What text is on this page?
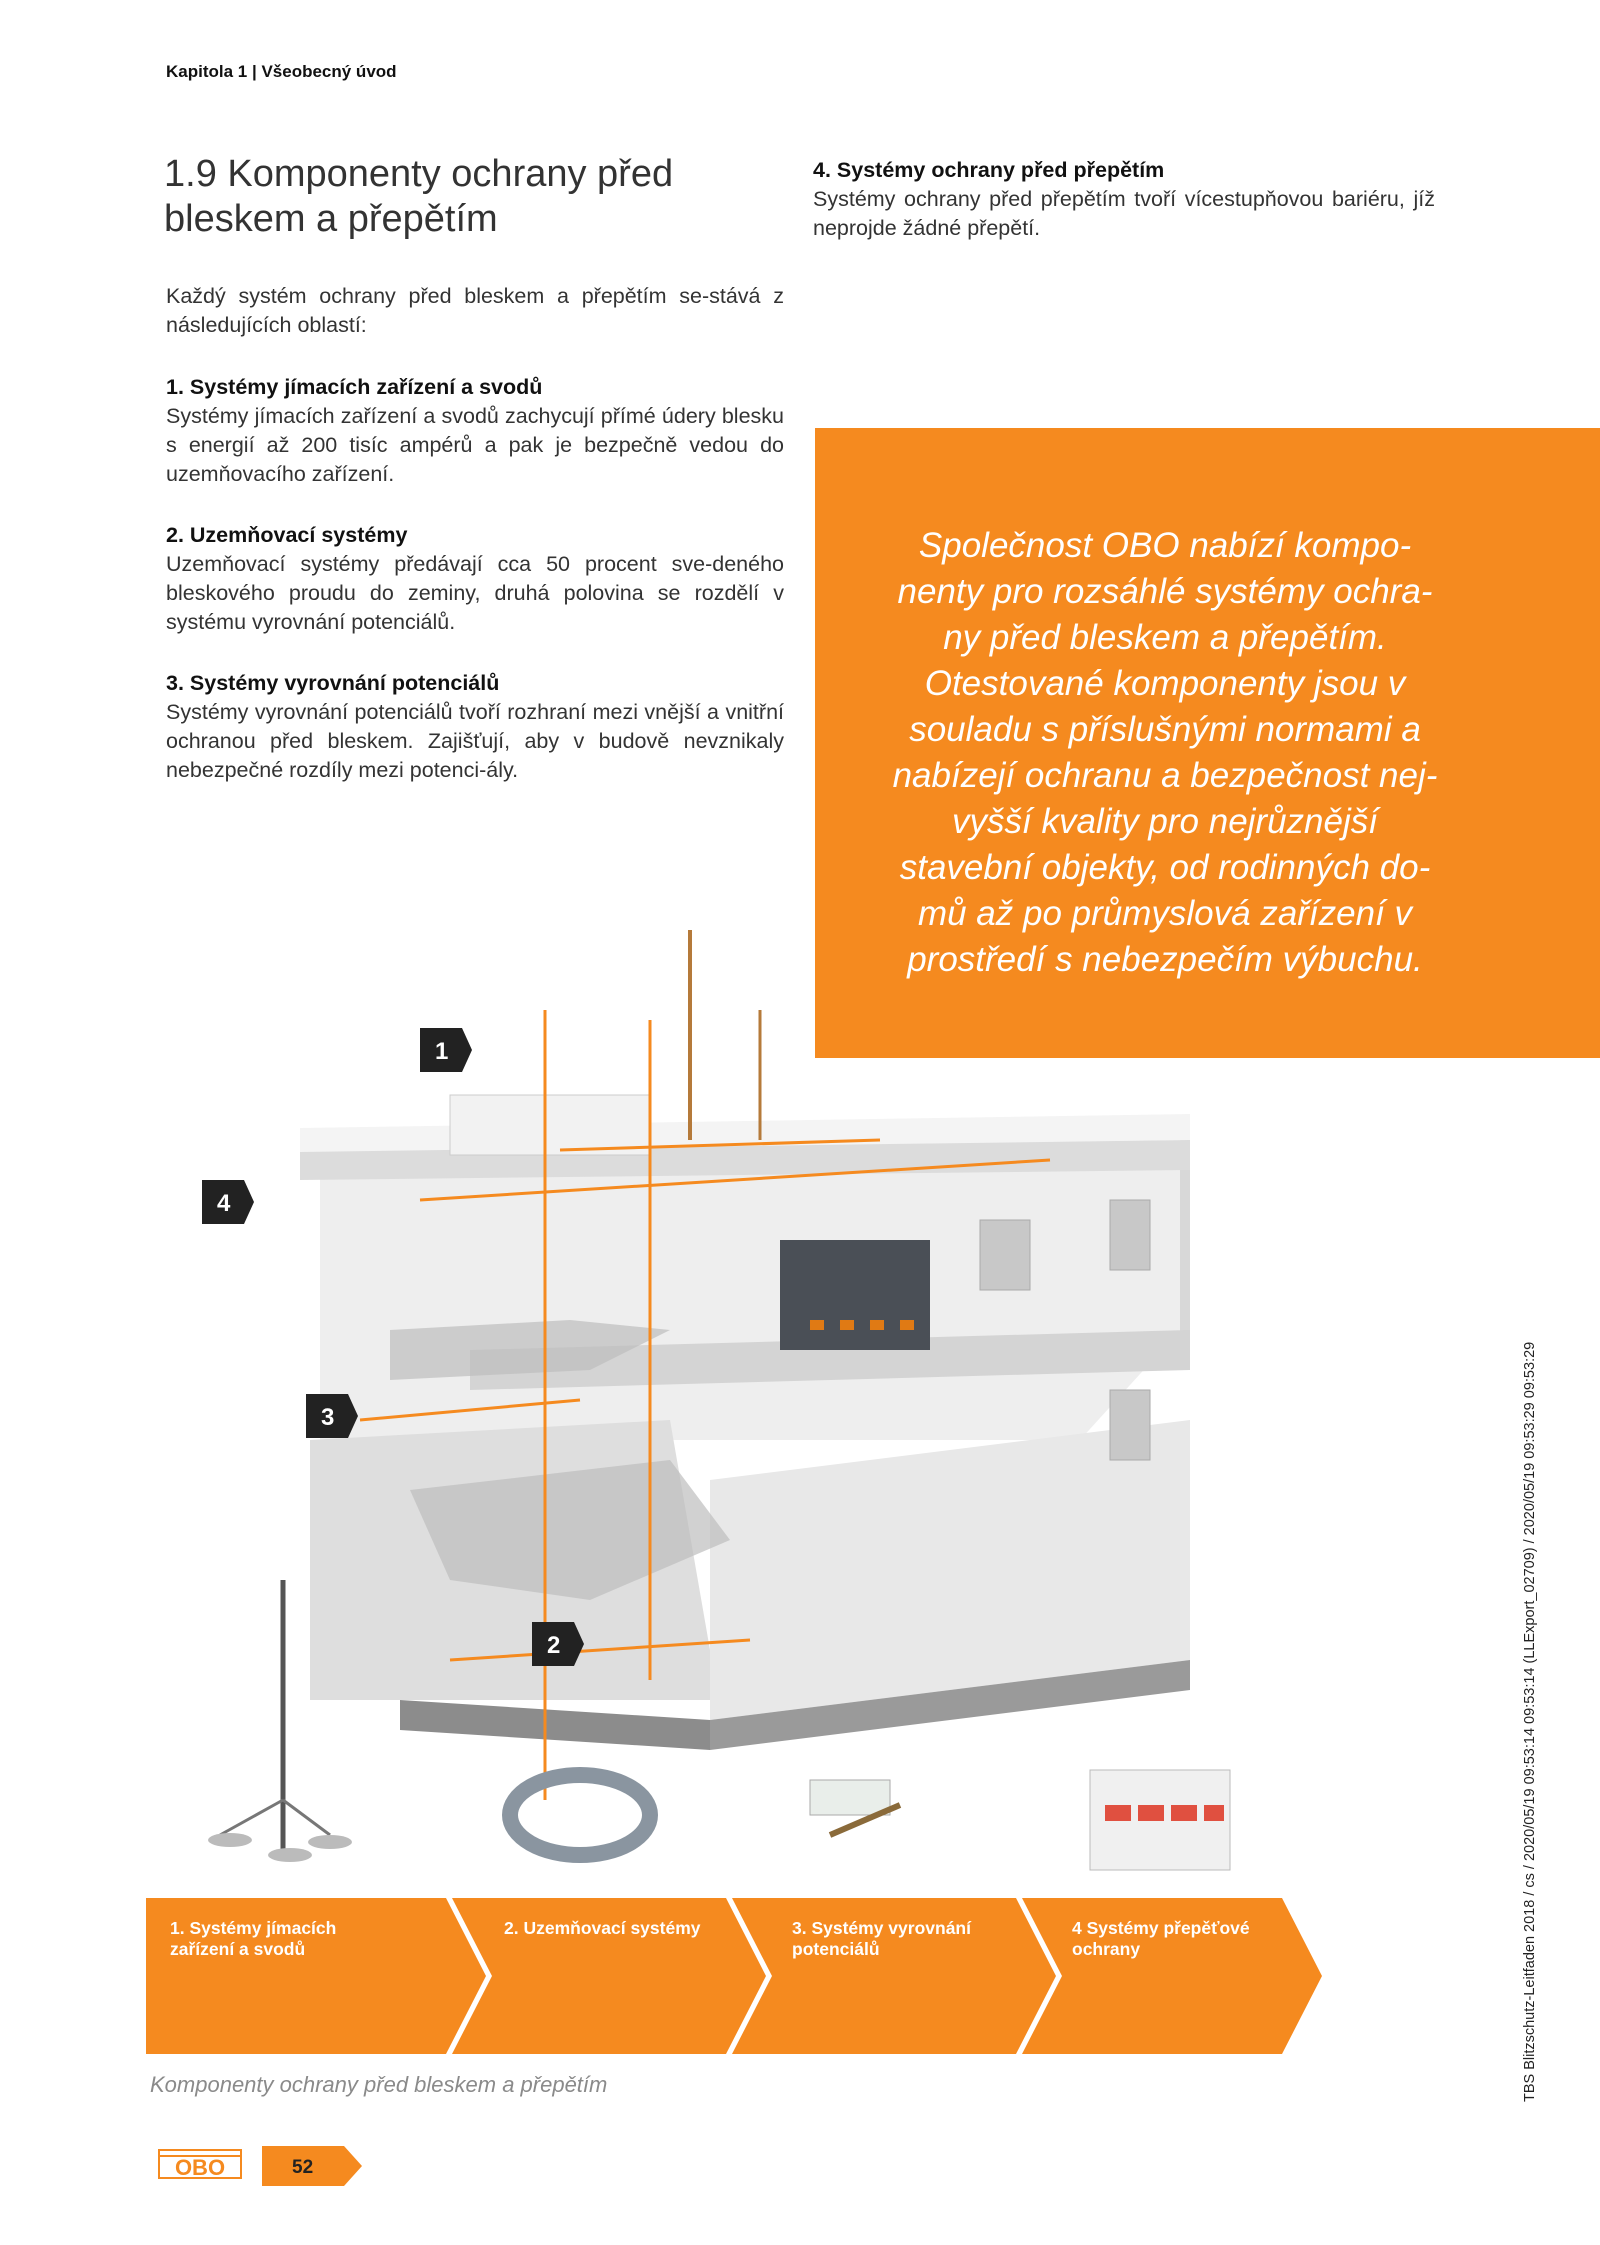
Kapitola 1 | Všeobecný úvod
1.9 Komponenty ochrany před
bleskem a přepětím
Každý systém ochrany před bleskem a přepětím se-stává z následujících oblastí:
1. Systémy jímacích zařízení a svodů

Systémy jímacích zařízení a svodů zachycují přímé údery blesku s energií až 200 tisíc ampérů a pak je bezpečně vedou do uzemňovacího zařízení.

2. Uzemňovací systémy

Uzemňovací systémy předávají cca 50 procent sve-deného bleskového proudu do zeminy, druhá polovina se rozdělí v systému vyrovnání potenciálů.

3. Systémy vyrovnání potenciálů

Systémy vyrovnání potenciálů tvoří rozhraní mezi vnější a vnitřní ochranou před bleskem. Zajišťují, aby v budově nevznikaly nebezpečné rozdíly mezi potenci-ály.

4. Systémy ochrany před přepětím

Systémy ochrany před přepětím tvoří vícestupňovou bariéru, jíž neprojde žádné přepětí.

Společnost OBO nabízí kompo-
nenty pro rozsáhlé systémy ochra-
ny před bleskem a přepětím.
Otestované komponenty jsou v
souladu s příslušnými normami a
nabízejí ochranu a bezpečnost nej-
vyšší kvality pro nejrůznější
stavební objekty, od rodinných do-
mů až po průmyslová zařízení v
prostředí s nebezpečím výbuchu.
1
4
3
2
1. Systémy jímacích
zařízení a svodů
2. Uzemňovací systémy	3. Systémy vyrovnání
potenciálů
4 Systémy přepěťové
ochrany
Komponenty ochrany před bleskem a přepětím
OBO	52
TBS Blitzschutz-Leitfaden 2018 / cs / 2020/05/19 09:53:14 09:53:14 (LLExport_02709) / 2020/05/19 09:53:29 09:53:29
